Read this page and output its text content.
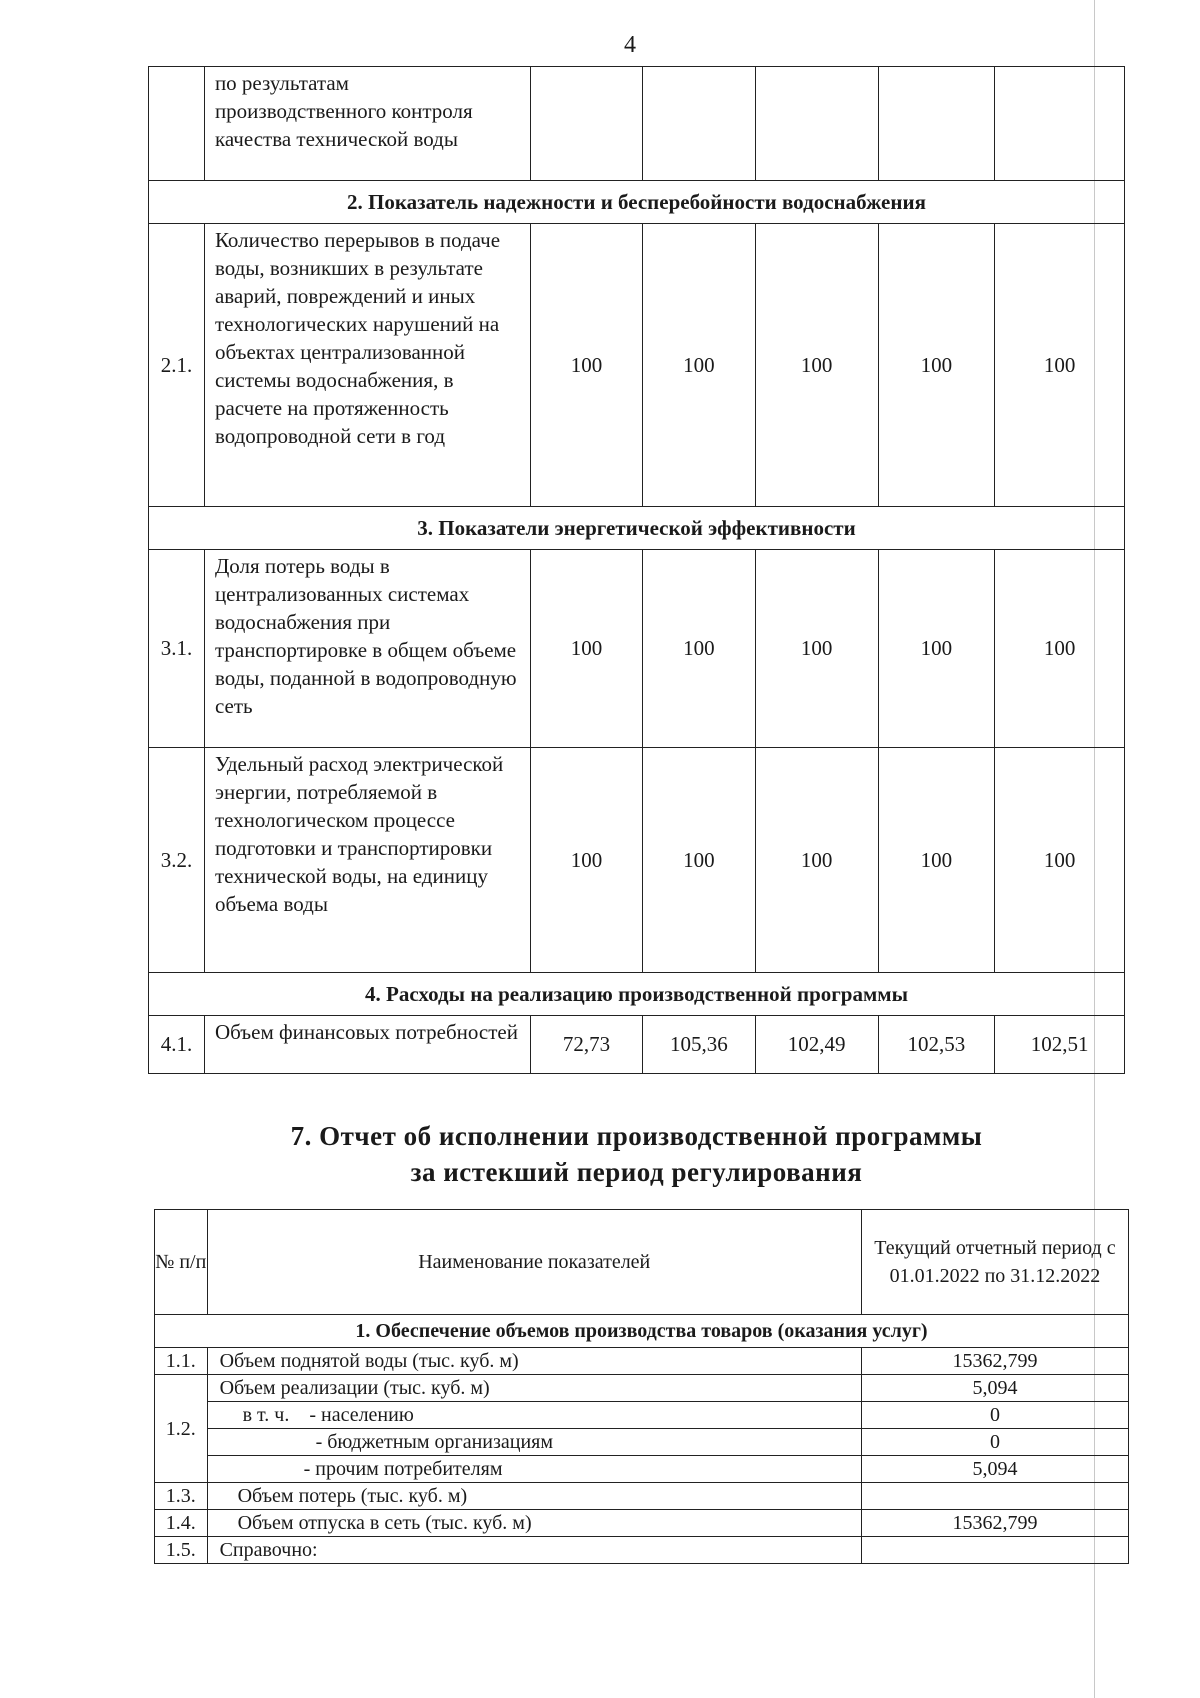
4
	по результатам производственного контроля качества технической воды					
2. Показатель надежности и бесперебойности водоснабжения						
2.1.	Количество перерывов в подаче воды, возникших в результате аварий, повреждений и иных технологических нарушений на объектах централизованной системы водоснабжения, в расчете на протяженность водопроводной сети в год	100	100	100	100	100
3. Показатели энергетической эффективности						
3.1.	Доля потерь воды в централизованных системах водоснабжения при транспортировке в общем объеме воды, поданной в водопроводную сеть	100	100	100	100	100
3.2.	Удельный расход электрической энергии, потребляемой в технологическом процессе подготовки и транспортировки технической воды, на единицу объема воды	100	100	100	100	100
4. Расходы на реализацию производственной программы						
4.1.	Объем финансовых потребностей	72,73	105,36	102,49	102,53	102,51
7. Отчет об исполнении производственной программы
за истекший период регулирования
№ п/п	Наименование показателей	Текущий отчетный период с 01.01.2022 по 31.12.2022
1. Обеспечение объемов производства товаров (оказания услуг)		
1.1.	Объем поднятой воды (тыс. куб. м)	15362,799
1.2.	Объем реализации (тыс. куб. м)	5,094
	в т. ч. - населению	0
	- бюджетным организациям	0
	- прочим потребителям	5,094
1.3.	Объем потерь (тыс. куб. м)	
1.4.	Объем отпуска в сеть (тыс. куб. м)	15362,799
1.5.	Справочно:	
